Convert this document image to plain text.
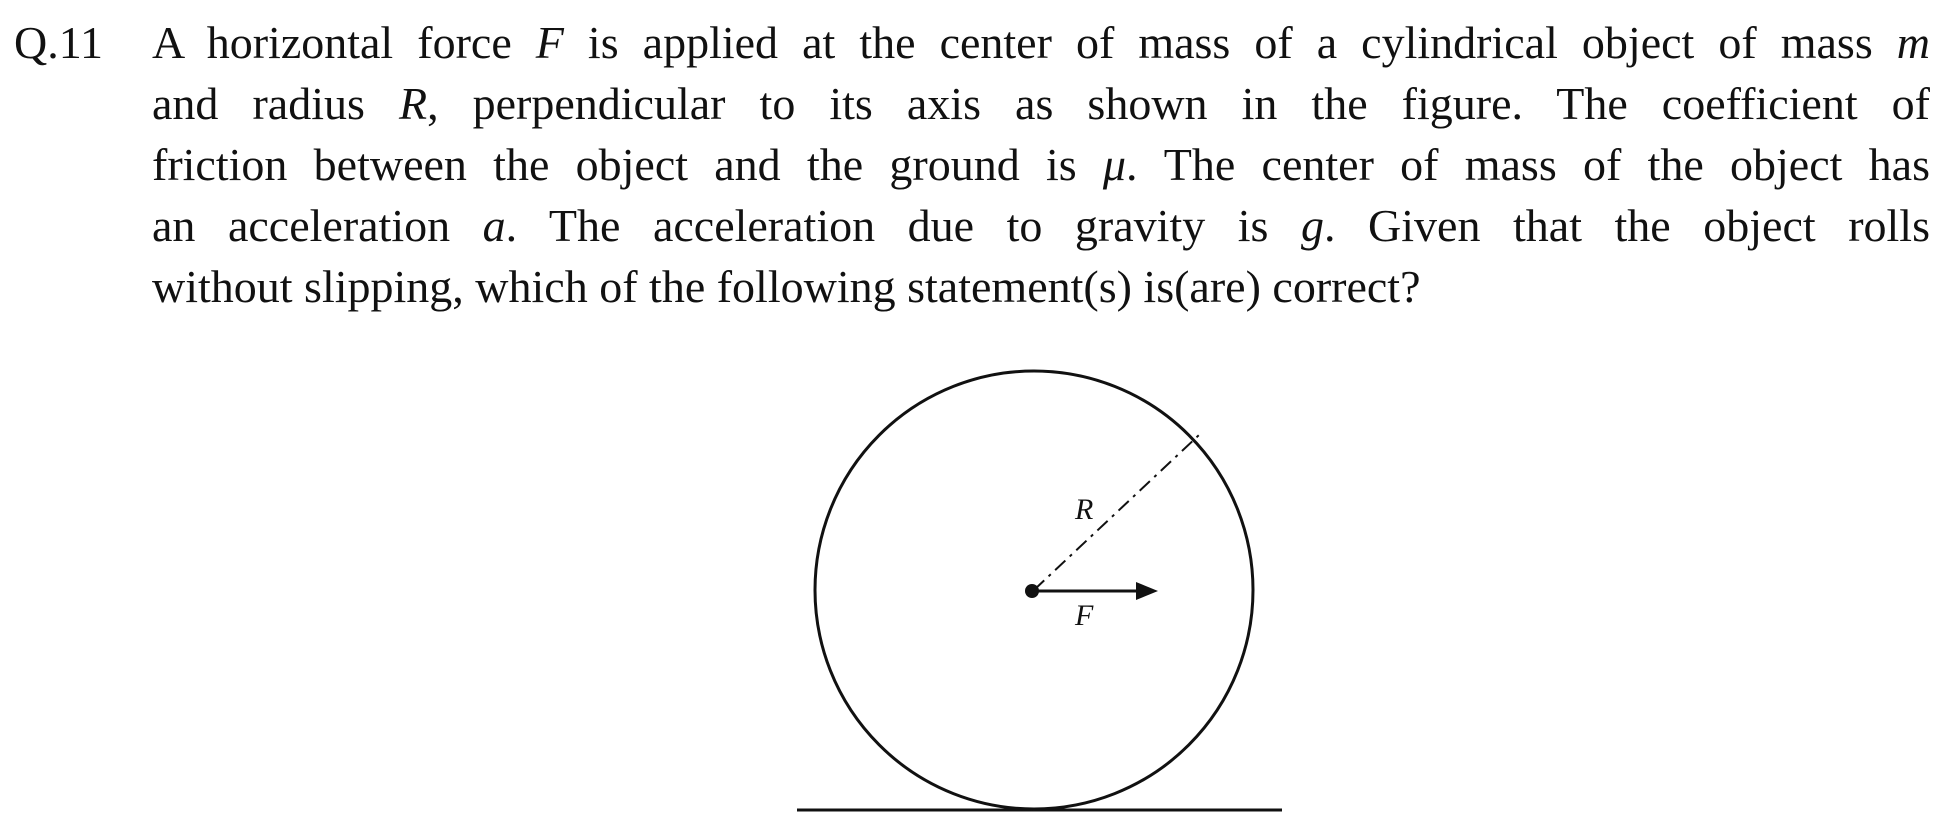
Q.11 A horizontal force F is applied at the center of mass of a cylindrical object of mass m
and radius R, perpendicular to its axis as shown in the figure. The coefficient of
friction between the object and the ground is μ. The center of mass of the object has
an acceleration a. The acceleration due to gravity is g. Given that the object rolls
without slipping, which of the following statement(s) is(are) correct?
R
F
